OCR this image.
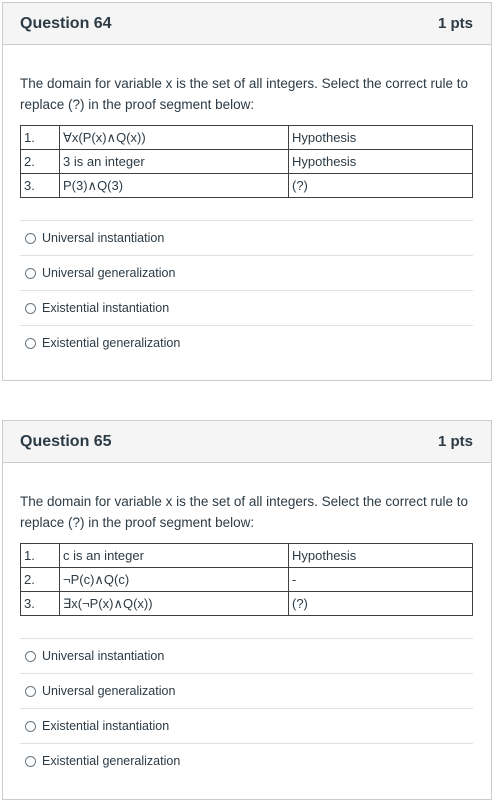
Question 64	1 pts

The domain for variable x is the set of all integers. Select the correct rule to replace (?) in the proof segment below:

1.	∀x(P(x)∧Q(x))	Hypothesis
2.	3 is an integer	Hypothesis
3.	P(3)∧Q(3)	(?)
Universal instantiation
Universal generalization
Existential instantiation
Existential generalization
Question 65	1 pts

The domain for variable x is the set of all integers. Select the correct rule to replace (?) in the proof segment below:

1.	c is an integer	Hypothesis
2.	¬P(c)∧Q(c)	-
3.	∃x(¬P(x)∧Q(x))	(?)
Universal instantiation
Universal generalization
Existential instantiation
Existential generalization
